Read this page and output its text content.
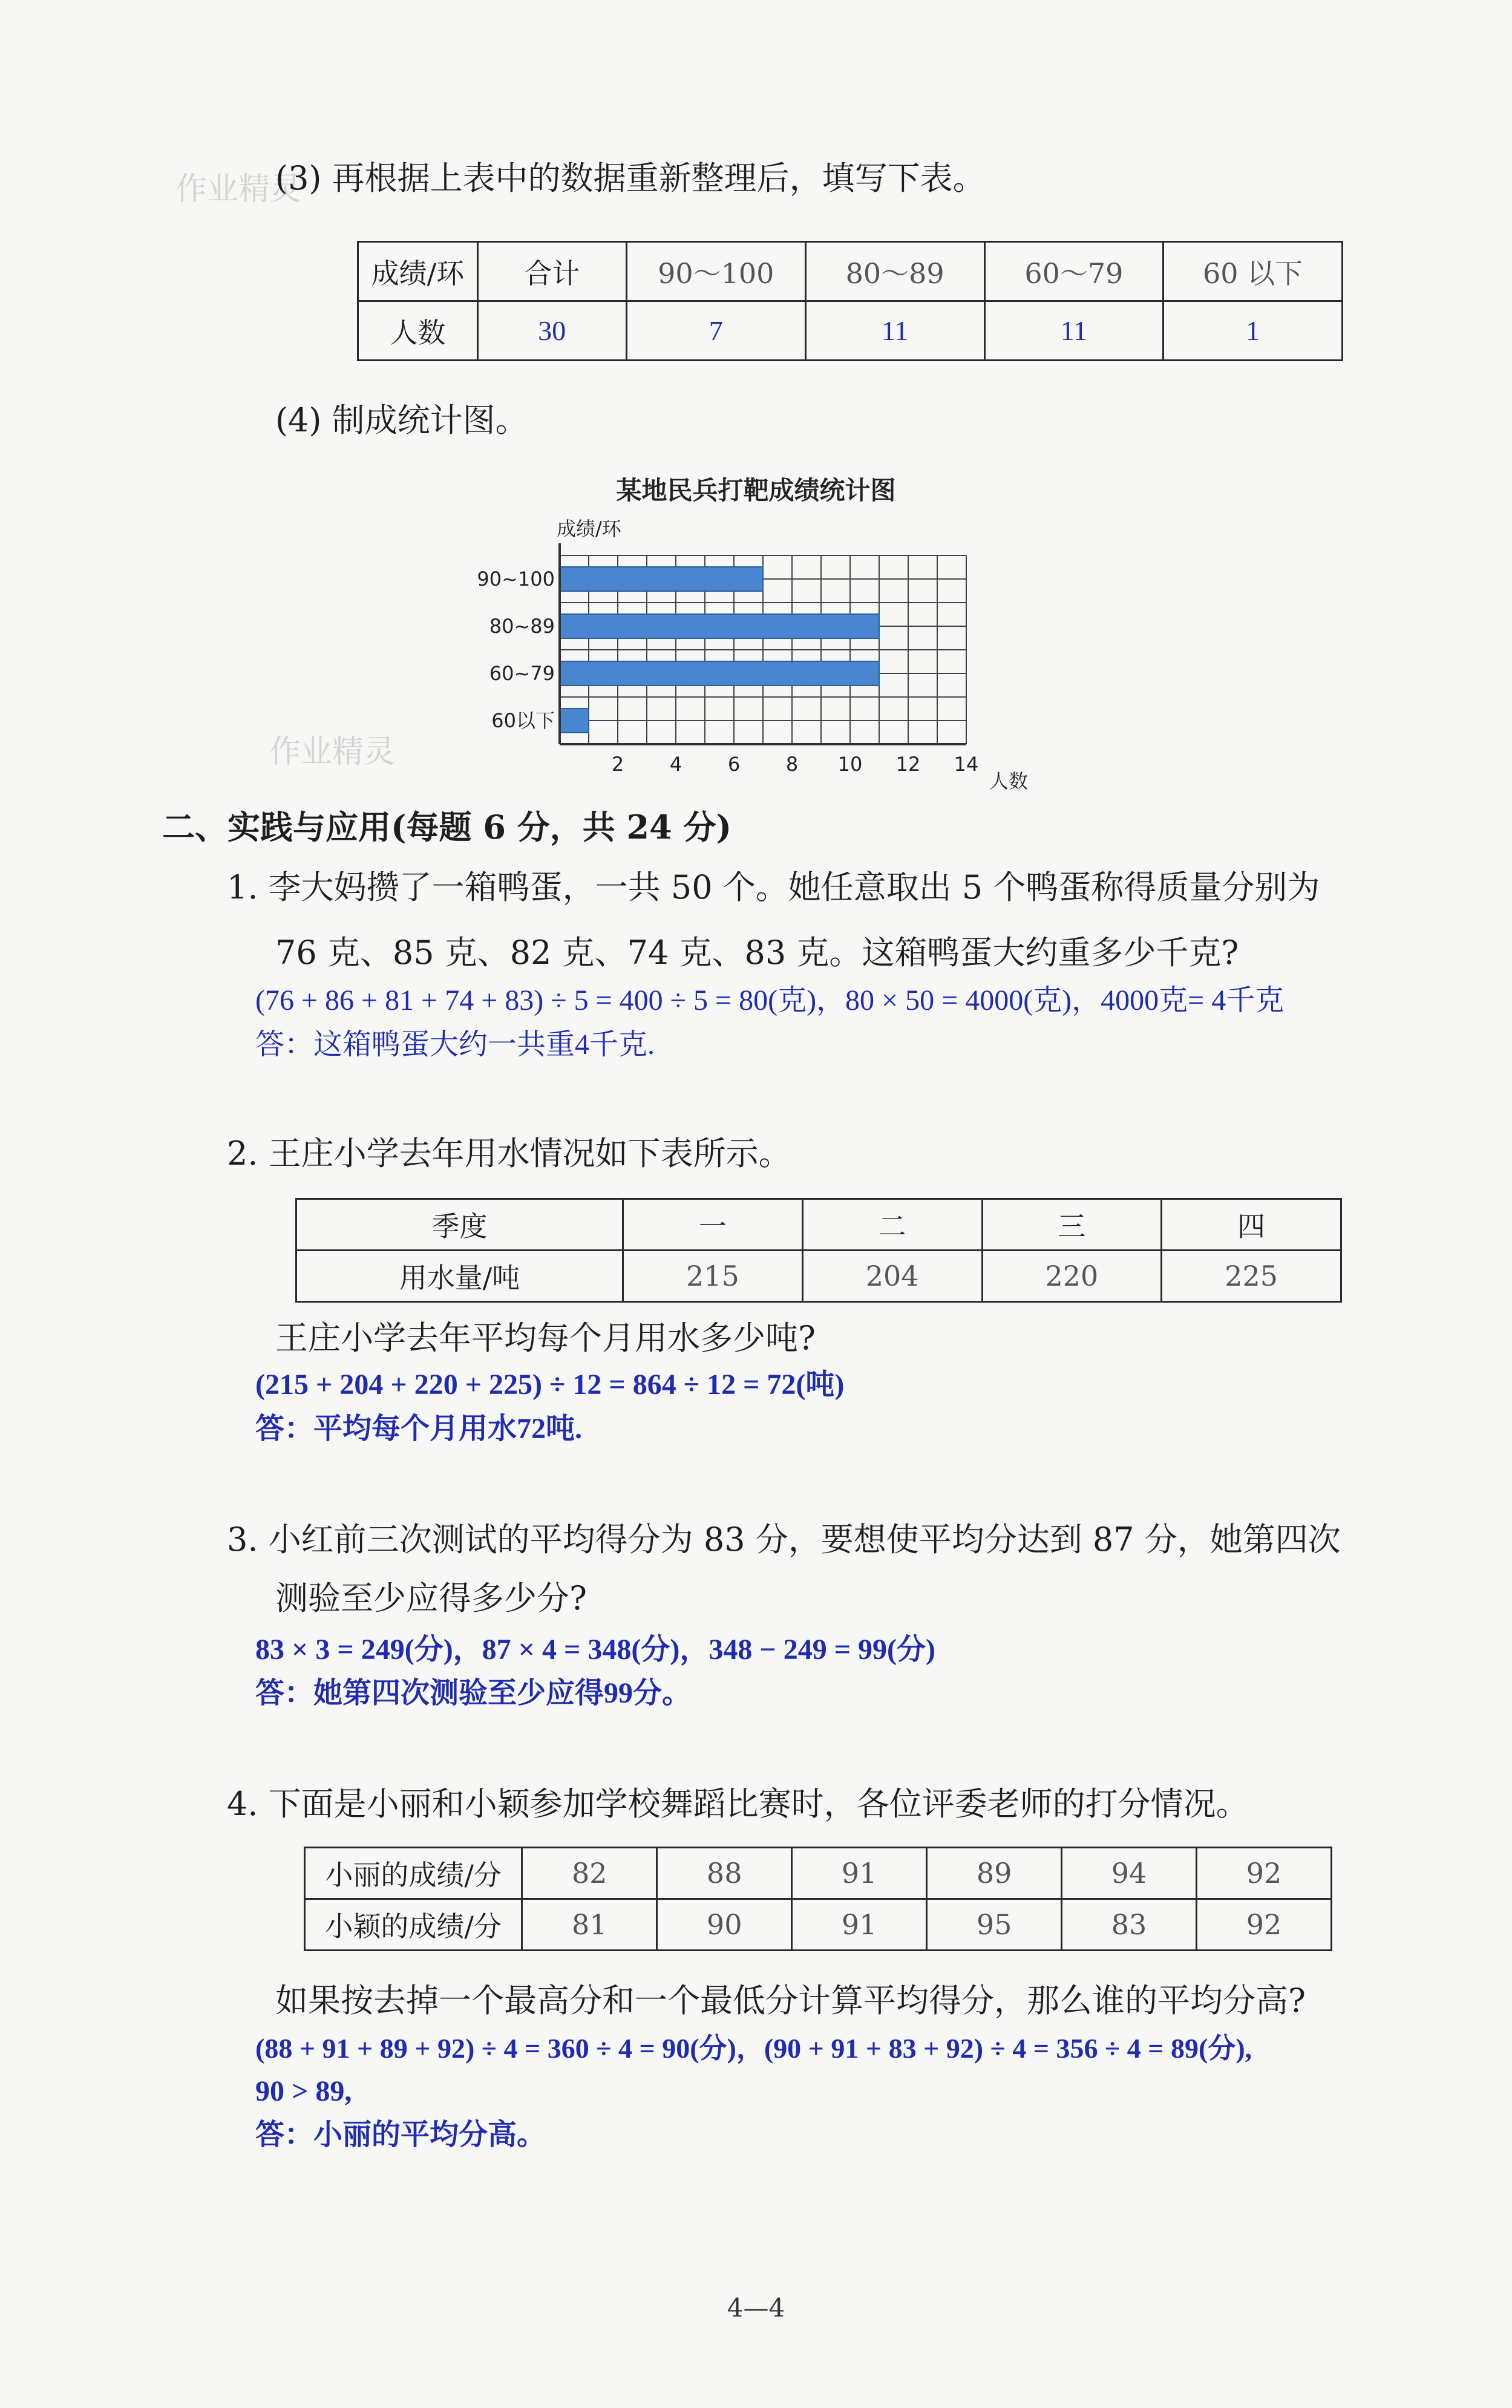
作业精灵
作业精灵
(3) 再根据上表中的数据重新整理后，填写下表。
成绩/环	合计	90～100	80～89	60～79	60 以下
人数	30	7	11	11	1
(4) 制成统计图。
某地民兵打靶成绩统计图
成绩/环
90~100
80~89
60~79
60以下
2 4 6 8 10 12 14
人数
二、实践与应用(每题 6 分，共 24 分)
1. 李大妈攒了一箱鸭蛋，一共 50 个。她任意取出 5 个鸭蛋称得质量分别为
76 克、85 克、82 克、74 克、83 克。这箱鸭蛋大约重多少千克?
(76 + 86 + 81 + 74 + 83) ÷ 5 = 400 ÷ 5 = 80(克)，80 × 50 = 4000(克)，4000克= 4千克
答：这箱鸭蛋大约一共重4千克.
2. 王庄小学去年用水情况如下表所示。
季度	一	二	三	四
用水量/吨	215	204	220	225
王庄小学去年平均每个月用水多少吨?
(215 + 204 + 220 + 225) ÷ 12 = 864 ÷ 12 = 72(吨)
答：平均每个月用水72吨.
3. 小红前三次测试的平均得分为 83 分，要想使平均分达到 87 分，她第四次
测验至少应得多少分?
83 × 3 = 249(分)，87 × 4 = 348(分)，348 − 249 = 99(分)
答：她第四次测验至少应得99分。
4. 下面是小丽和小颖参加学校舞蹈比赛时，各位评委老师的打分情况。
小丽的成绩/分	82	88	91	89	94	92
小颖的成绩/分	81	90	91	95	83	92
如果按去掉一个最高分和一个最低分计算平均得分，那么谁的平均分高?
(88 + 91 + 89 + 92) ÷ 4 = 360 ÷ 4 = 90(分)，(90 + 91 + 83 + 92) ÷ 4 = 356 ÷ 4 = 89(分),
90 > 89,
答：小丽的平均分高。
4—4
